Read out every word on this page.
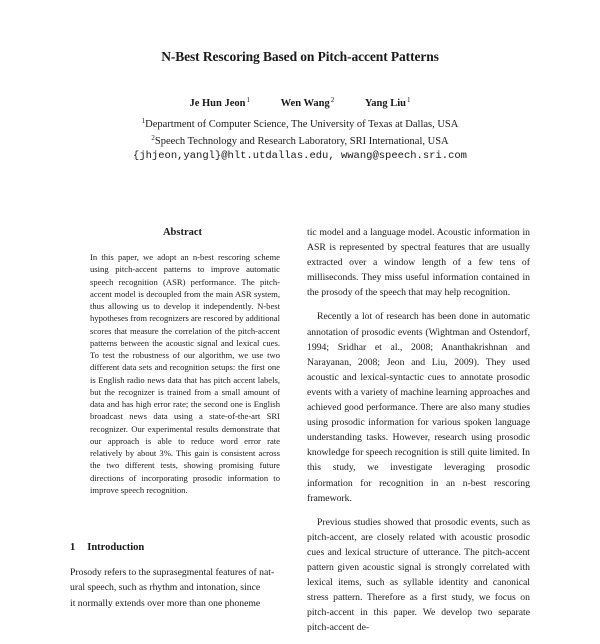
N-Best Rescoring Based on Pitch-accent Patterns
Je Hun Jeon$^1$	Wen Wang$^2$	Yang Liu$^1$
$^1$Department of Computer Science, The University of Texas at Dallas, USA
$^2$Speech Technology and Research Laboratory, SRI International, USA
{jhjeon,yangl}@hlt.utdallas.edu, wwang@speech.sri.com
Abstract
In this paper, we adopt an n-best rescoring scheme using pitch-accent patterns to improve automatic speech recognition (ASR) performance. The pitch-accent model is decoupled from the main ASR system, thus allowing us to develop it independently. N-best hypotheses from recognizers are rescored by additional scores that measure the correlation of the pitch-accent patterns between the acoustic signal and lexical cues. To test the robustness of our algorithm, we use two different data sets and recognition setups: the first one is English radio news data that has pitch accent labels, but the recognizer is trained from a small amount of data and has high error rate; the second one is English broadcast news data using a state-of-the-art SRI recognizer. Our experimental results demonstrate that our approach is able to reduce word error rate relatively by about 3%. This gain is consistent across the two different tests, showing promising future directions of incorporating prosodic information to improve speech recognition.
1 Introduction
Prosody refers to the suprasegmental features of nat-
ural speech, such as rhythm and intonation, since
it normally extends over more than one phoneme

tic model and a language model. Acoustic information in ASR is represented by spectral features that are usually extracted over a window length of a few tens of milliseconds. They miss useful information contained in the prosody of the speech that may help recognition.

Recently a lot of research has been done in automatic annotation of prosodic events (Wightman and Ostendorf, 1994; Sridhar et al., 2008; Ananthakrishnan and Narayanan, 2008; Jeon and Liu, 2009). They used acoustic and lexical-syntactic cues to annotate prosodic events with a variety of machine learning approaches and achieved good performance. There are also many studies using prosodic information for various spoken language understanding tasks. However, research using prosodic knowledge for speech recognition is still quite limited. In this study, we investigate leveraging prosodic information for recognition in an n-best rescoring framework.

Previous studies showed that prosodic events, such as pitch-accent, are closely related with acoustic prosodic cues and lexical structure of utterance. The pitch-accent pattern given acoustic signal is strongly correlated with lexical items, such as syllable identity and canonical stress pattern. Therefore as a first study, we focus on pitch-accent in this paper. We develop two separate pitch-accent de-
